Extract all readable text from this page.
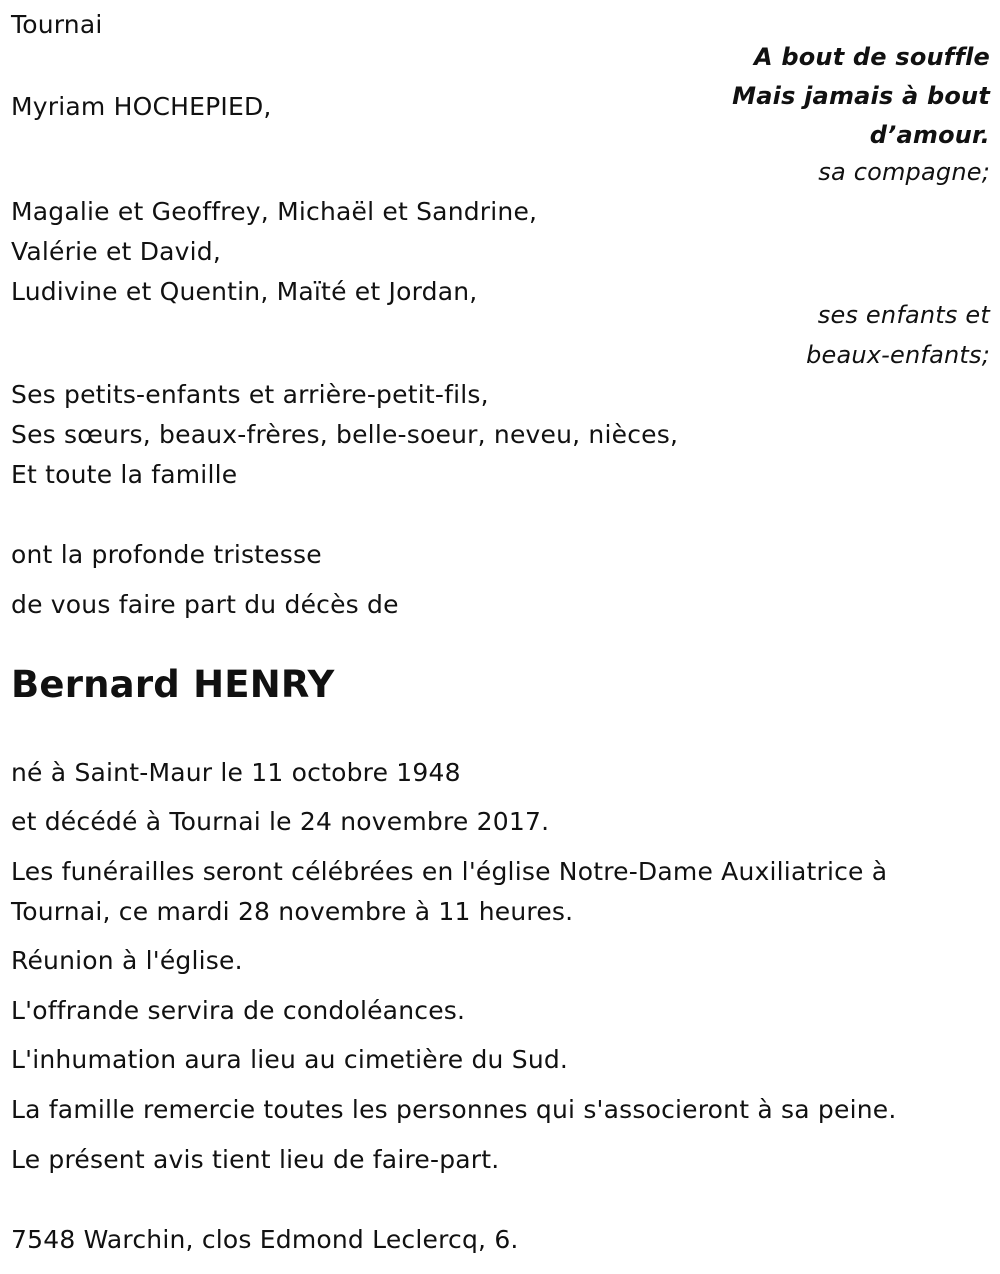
Tournai
A bout de souffle
Mais jamais à bout
d’amour.
Myriam HOCHEPIED,
sa compagne;
Magalie et Geoffrey, Michaël et Sandrine,
Valérie et David,
Ludivine et Quentin, Maïté et Jordan,
ses enfants et
beaux-enfants;
Ses petits-enfants et arrière-petit-fils,
Ses sœurs, beaux-frères, belle-soeur, neveu, nièces,
Et toute la famille
ont la profonde tristesse
de vous faire part du décès de
Bernard HENRY
né à Saint-Maur le 11 octobre 1948
et décédé à Tournai le 24 novembre 2017.
Les funérailles seront célébrées en l'église Notre-Dame Auxiliatrice à
Tournai, ce mardi 28 novembre à 11 heures.
Réunion à l'église.
L'offrande servira de condoléances.
L'inhumation aura lieu au cimetière du Sud.
La famille remercie toutes les personnes qui s'associeront à sa peine.
Le présent avis tient lieu de faire-part.
7548 Warchin, clos Edmond Leclercq, 6.
